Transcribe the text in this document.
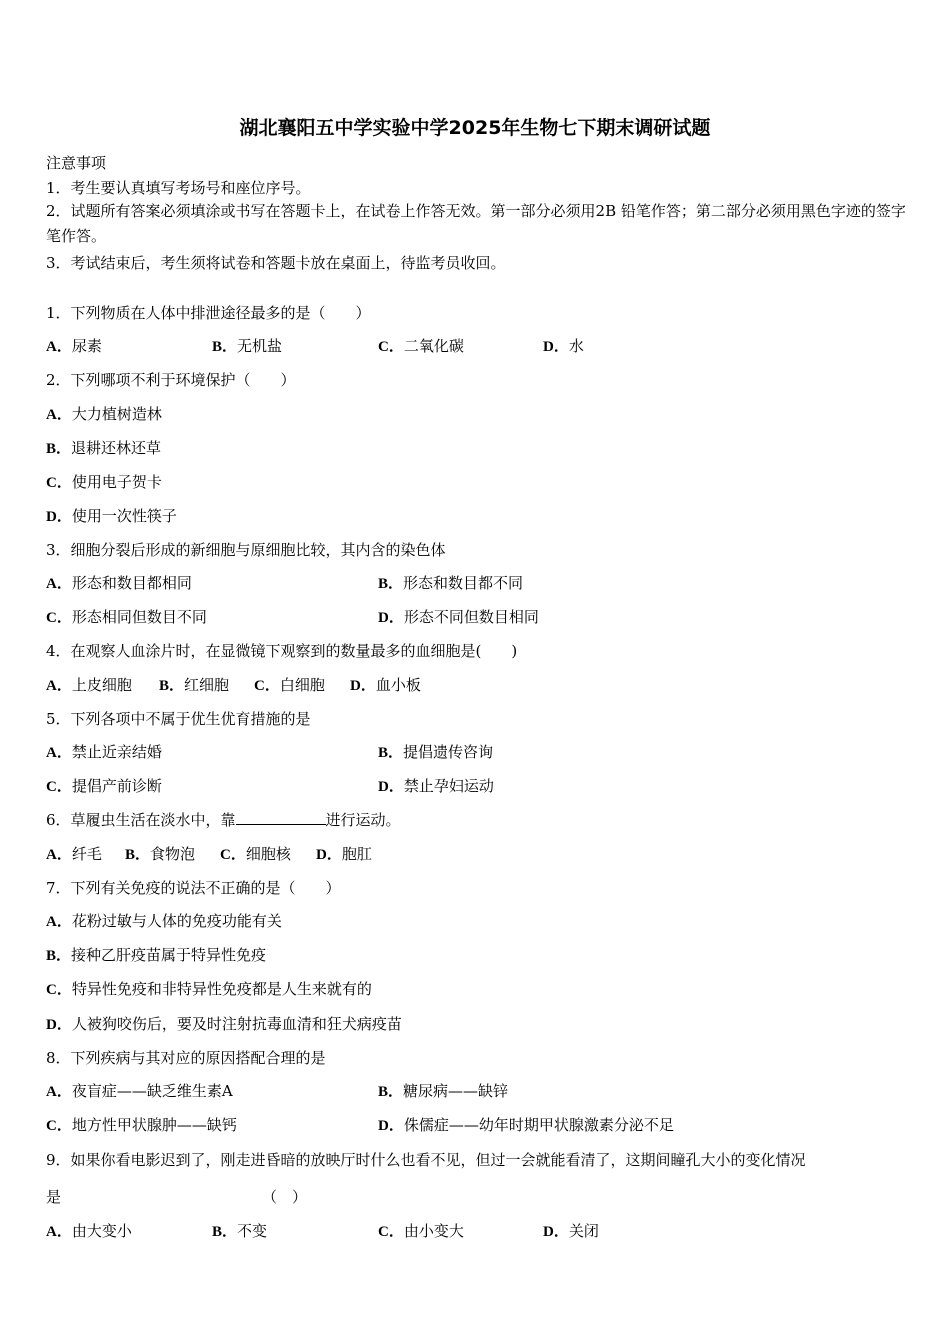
湖北襄阳五中学实验中学2025年生物七下期末调研试题
注意事项
1．考生要认真填写考场号和座位序号。
2．试题所有答案必须填涂或书写在答题卡上，在试卷上作答无效。第一部分必须用2B 铅笔作答；第二部分必须用黑色字迹的签字笔作答。
3．考试结束后，考生须将试卷和答题卡放在桌面上，待监考员收回。
1．下列物质在人体中排泄途径最多的是（　　）
A．尿素	B．无机盐	C．二氧化碳	D．水
2．下列哪项不利于环境保护（　　）
A．大力植树造林
B．退耕还林还草
C．使用电子贺卡
D．使用一次性筷子
3．细胞分裂后形成的新细胞与原细胞比较，其内含的染色体
A．形态和数目都相同	B．形态和数目都不同
C．形态相同但数目不同	D．形态不同但数目相同
4．在观察人血涂片时，在显微镜下观察到的数量最多的血细胞是(　　)
A．上皮细胞 B．红细胞 C．白细胞 D．血小板
5．下列各项中不属于优生优育措施的是
A．禁止近亲结婚	B．提倡遗传咨询
C．提倡产前诊断	D．禁止孕妇运动
6．草履虫生活在淡水中，靠	进行运动。
A．纤毛 B．食物泡 C．细胞核 D．胞肛
7．下列有关免疫的说法不正确的是（　　）
A．花粉过敏与人体的免疫功能有关
B．接种乙肝疫苗属于特异性免疫
C．特异性免疫和非特异性免疫都是人生来就有的
D．人被狗咬伤后，要及时注射抗毒血清和狂犬病疫苗
8．下列疾病与其对应的原因搭配合理的是
A．夜盲症——缺乏维生素A	B．糖尿病——缺锌
C．地方性甲状腺肿——缺钙	D．侏儒症——幼年时期甲状腺激素分泌不足
9．如果你看电影迟到了，刚走进昏暗的放映厅时什么也看不见，但过一会就能看清了，这期间瞳孔大小的变化情况
是	（　）
A．由大变小	B．不变	C．由小变大	D．关闭
